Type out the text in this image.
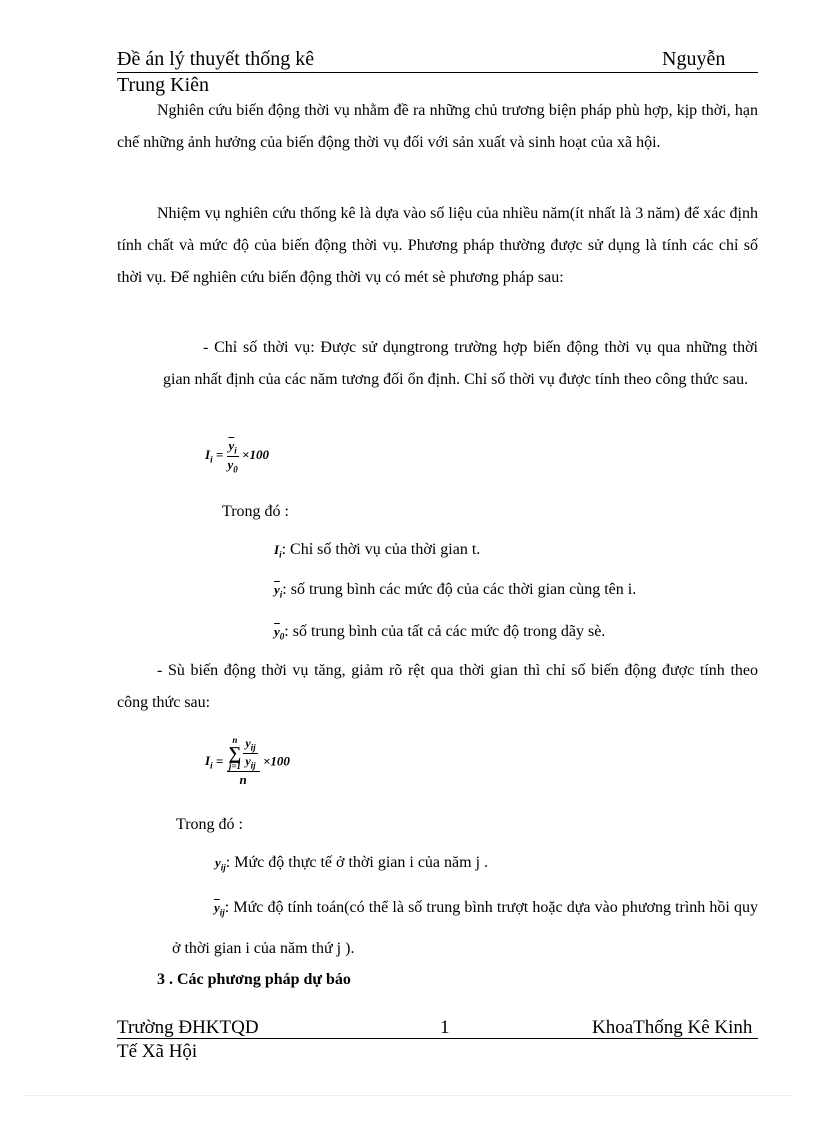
Đề án lý thuyết thống kê	Nguyễn
Trung Kiên

Nghiên cứu biến động thời vụ nhằm đề ra những chủ trương biện pháp phù hợp, kịp thời, hạn chế những ảnh hưởng của biến động thời vụ đối với sản xuất và sinh hoạt của xã hội.

Nhiệm vụ nghiên cứu thống kê là dựa vào số liệu của nhiều năm(ít nhất là 3 năm) để xác định tính chất và mức độ của biến động thời vụ. Phương pháp thường được sử dụng là tính các chỉ số thời vụ. Để nghiên cứu biến động thời vụ có mét sè phương pháp sau:

- Chỉ số thời vụ: Được sử dụngtrong trường hợp biến động thời vụ qua những thời gian nhất định của các năm tương đối ổn định. Chỉ số thời vụ được tính theo công thức sau.

$I_i = \frac{\overline{y}_i}{y_0} \times 100$
Trong đó :
$I_i$: Chỉ số thời vụ của thời gian t.
$\overline{y}_i$: số trung bình các mức độ của các thời gian cùng tên i.
$\overline{y}_0$: số trung bình của tất cả các mức độ trong dãy sè.

- Sù biến động thời vụ tăng, giảm rõ rệt qua thời gian thì chỉ số biến động được tính theo công thức sau:

$I_i$ =
n
∑
$j=1 \frac{y_{ij}}{\overline{y}_{ij}}$
n
×100
Trong đó :
$y_{ij}$: Mức độ thực tế ở thời gian i của năm j .
$\overline{y}_{ij}$: Mức độ tính toán(có thể là số trung bình trượt hoặc dựa vào phương trình hồi quy ở thời gian i của năm thứ j ).
3 . Các phương pháp dự báo
Trường ĐHKTQD	1	KhoaThống Kê Kinh
Tế Xã Hội
